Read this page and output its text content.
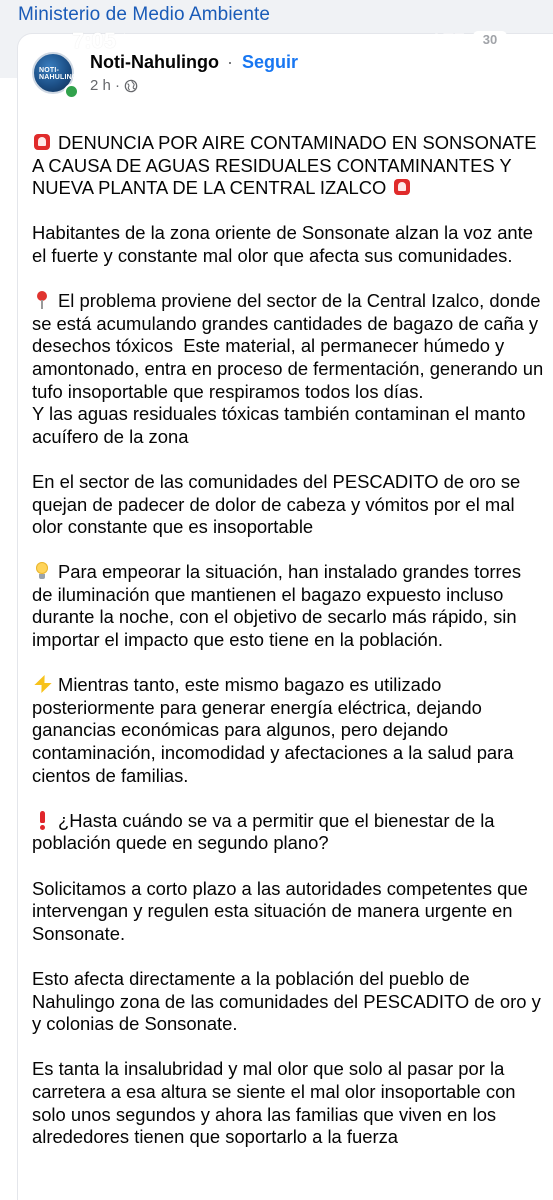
Ministerio de Medio Ambiente
NOTI-NAHULINGO
Noti-Nahulingo · Seguir
2 h ·

DENUNCIA POR AIRE CONTAMINADO EN SONSONATE A CAUSA DE AGUAS RESIDUALES CONTAMINANTES Y NUEVA PLANTA DE LA CENTRAL IZALCO

Habitantes de la zona oriente de Sonsonate alzan la voz ante el fuerte y constante mal olor que afecta sus comunidades.

El problema proviene del sector de la Central Izalco, donde se está acumulando grandes cantidades de bagazo de caña y desechos tóxicos  Este material, al permanecer húmedo y amontonado, entra en proceso de fermentación, generando un tufo insoportable que respiramos todos los días.
Y las aguas residuales tóxicas también contaminan el manto acuífero de la zona

En el sector de las comunidades del PESCADITO de oro se quejan de padecer de dolor de cabeza y vómitos por el mal olor constante que es insoportable

Para empeorar la situación, han instalado grandes torres de iluminación que mantienen el bagazo expuesto incluso durante la noche, con el objetivo de secarlo más rápido, sin importar el impacto que esto tiene en la población.

Mientras tanto, este mismo bagazo es utilizado posteriormente para generar energía eléctrica, dejando ganancias económicas para algunos, pero dejando contaminación, incomodidad y afectaciones a la salud para cientos de familias.

¿Hasta cuándo se va a permitir que el bienestar de la población quede en segundo plano?

Solicitamos a corto plazo a las autoridades competentes que intervengan y regulen esta situación de manera urgente en Sonsonate.

Esto afecta directamente a la población del pueblo de Nahulingo zona de las comunidades del PESCADITO de oro y y colonias de Sonsonate.

Es tanta la insalubridad y mal olor que solo al pasar por la carretera a esa altura se siente el mal olor insoportable con solo unos segundos y ahora las familias que viven en los alrededores tienen que soportarlo a la fuerza

7:05	LTE	30
